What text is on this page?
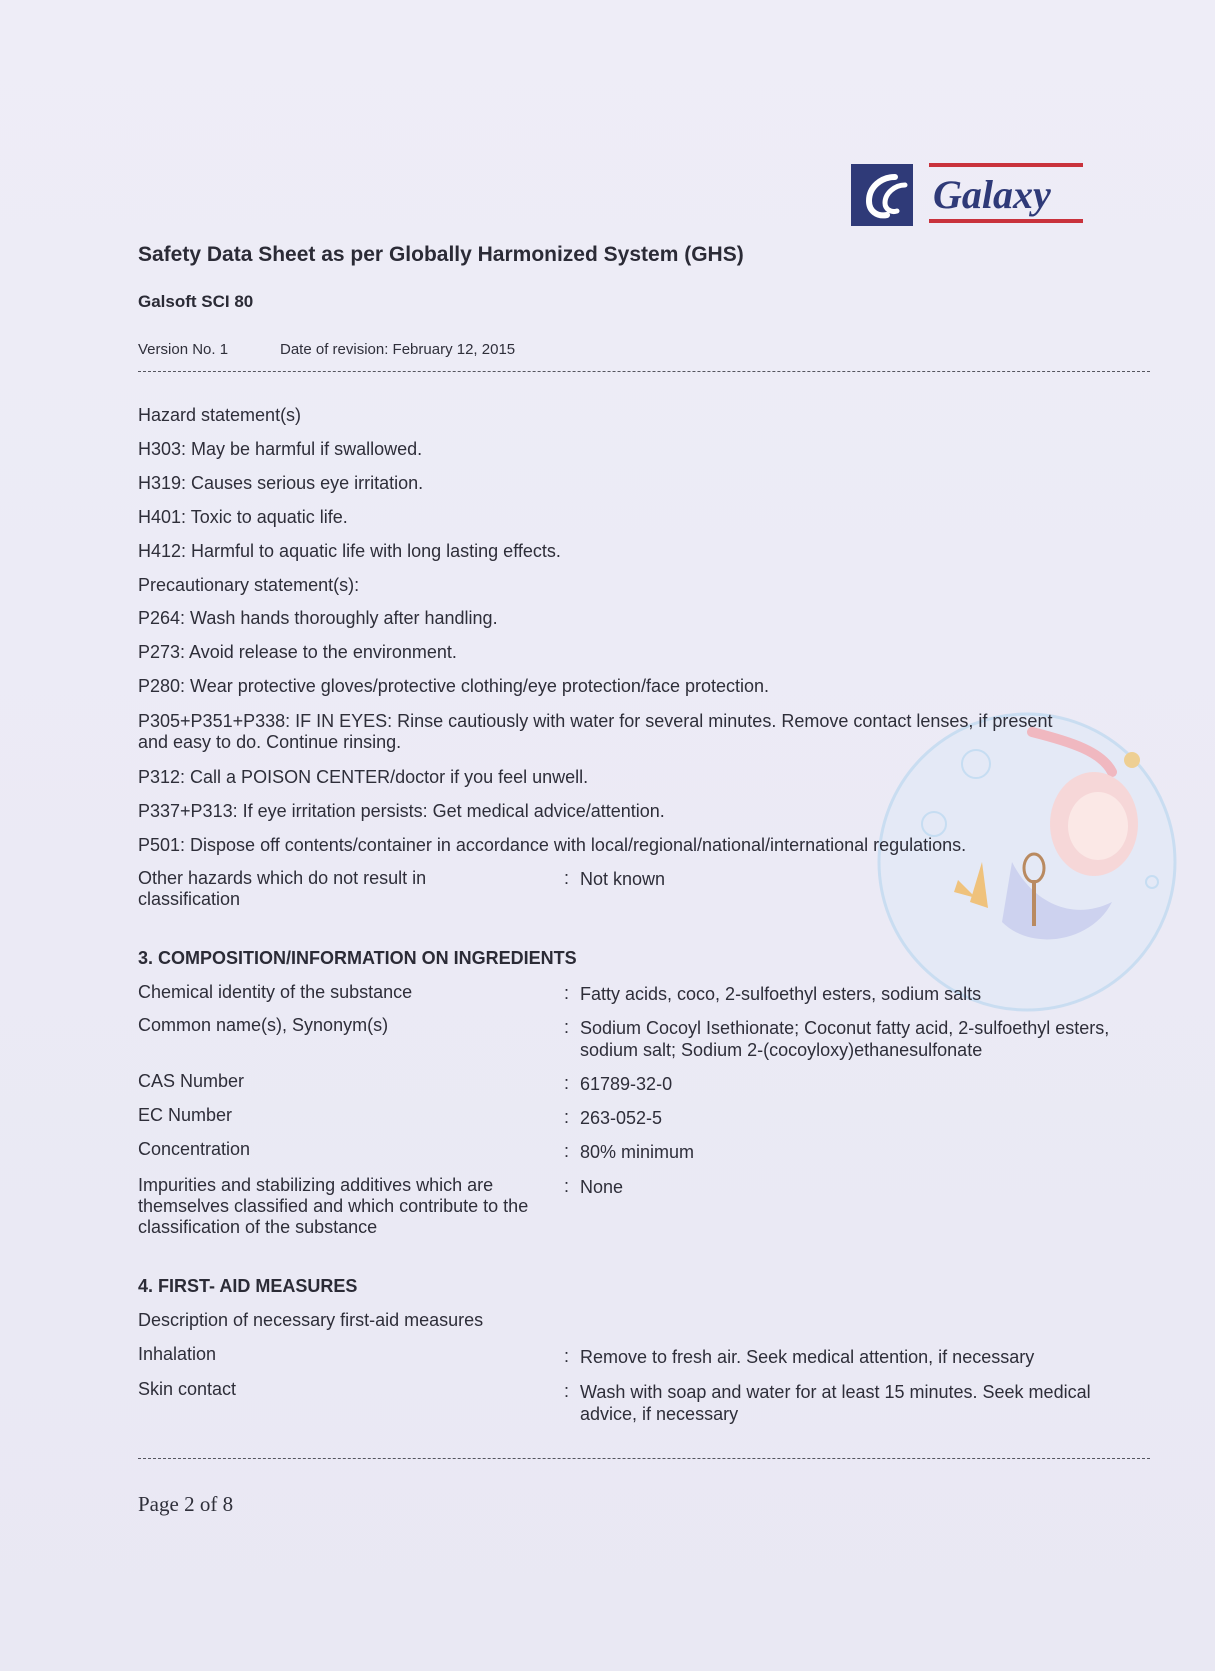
Galaxy
Safety Data Sheet as per Globally Harmonized System (GHS)
Galsoft SCI 80
Version No. 1	Date of revision: February 12, 2015
Hazard statement(s)
H303: May be harmful if swallowed.
H319: Causes serious eye irritation.
H401: Toxic to aquatic life.
H412: Harmful to aquatic life with long lasting effects.
Precautionary statement(s):
P264: Wash hands thoroughly after handling.
P273: Avoid release to the environment.
P280: Wear protective gloves/protective clothing/eye protection/face protection.
P305+P351+P338: IF IN EYES: Rinse cautiously with water for several minutes. Remove contact lenses, if present and easy to do. Continue rinsing.
P312: Call a POISON CENTER/doctor if you feel unwell.
P337+P313: If eye irritation persists: Get medical advice/attention.
P501: Dispose off contents/container in accordance with local/regional/national/international regulations.
Other hazards which do not result in classification
: Not known
3. COMPOSITION/INFORMATION ON INGREDIENTS
Chemical identity of the substance	: Fatty acids, coco, 2-sulfoethyl esters, sodium salts
Common name(s), Synonym(s)	: Sodium Cocoyl Isethionate; Coconut fatty acid, 2-sulfoethyl esters, sodium salt; Sodium 2-(cocoyloxy)ethanesulfonate
CAS Number	: 61789-32-0
EC Number	: 263-052-5
Concentration	: 80% minimum
Impurities and stabilizing additives which are themselves classified and which contribute to the classification of the substance
: None
4. FIRST- AID MEASURES
Description of necessary first-aid measures
Inhalation	: Remove to fresh air. Seek medical attention, if necessary
Skin contact	: Wash with soap and water for at least 15 minutes. Seek medical advice, if necessary
Page 2 of 8
